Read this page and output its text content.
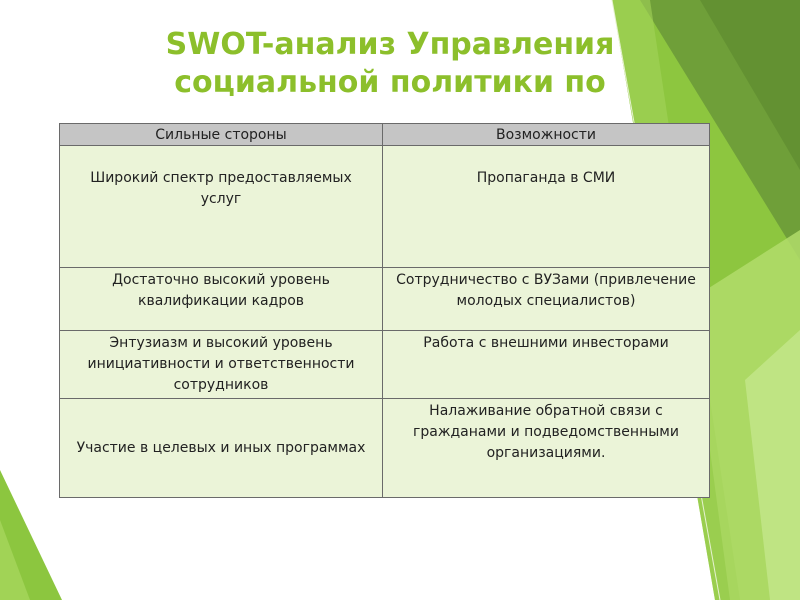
SWOT-анализ Управления
социальной политики по
Сильные стороны	Возможности
Широкий спектр предоставляемых услуг	Пропаганда в СМИ
Достаточно высокий уровень квалификации кадров	Сотрудничество с ВУЗами (привлечение молодых специалистов)
Энтузиазм и высокий уровень инициативности и ответственности сотрудников	Работа с внешними инвесторами
Участие в целевых и иных программах	Налаживание обратной связи с гражданами и подведомственными организациями.
